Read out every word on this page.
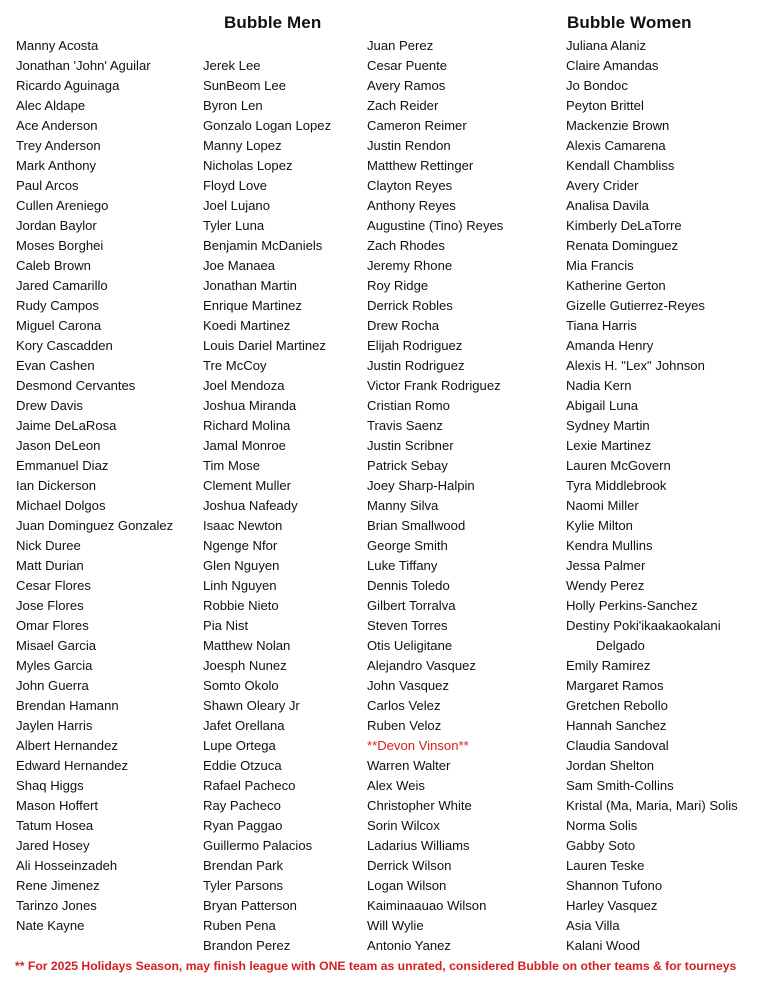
Bubble Men	Bubble Women
Manny Acosta
Jonathan 'John' Aguilar
Ricardo Aguinaga
Alec Aldape
Ace Anderson
Trey Anderson
Mark Anthony
Paul Arcos
Cullen Areniego
Jordan Baylor
Moses Borghei
Caleb Brown
Jared Camarillo
Rudy Campos
Miguel Carona
Kory Cascadden
Evan Cashen
Desmond Cervantes
Drew Davis
Jaime DeLaRosa
Jason DeLeon
Emmanuel Diaz
Ian Dickerson
Michael Dolgos
Juan Dominguez Gonzalez
Nick Duree
Matt Durian
Cesar Flores
Jose Flores
Omar Flores
Misael Garcia
Myles Garcia
John Guerra
Brendan Hamann
Jaylen Harris
Albert Hernandez
Edward Hernandez
Shaq Higgs
Mason Hoffert
Tatum Hosea
Jared Hosey
Ali Hosseinzadeh
Rene Jimenez
Tarinzo Jones
Nate Kayne
Jerek Lee
SunBeom Lee
Byron Len
Gonzalo Logan Lopez
Manny Lopez
Nicholas Lopez
Floyd Love
Joel Lujano
Tyler Luna
Benjamin McDaniels
Joe Manaea
Jonathan Martin
Enrique Martinez
Koedi Martinez
Louis Dariel Martinez
Tre McCoy
Joel Mendoza
Joshua Miranda
Richard Molina
Jamal Monroe
Tim Mose
Clement Muller
Joshua Nafeady
Isaac Newton
Ngenge Nfor
Glen Nguyen
Linh Nguyen
Robbie Nieto
Pia Nist
Matthew Nolan
Joesph Nunez
Somto Okolo
Shawn Oleary Jr
Jafet Orellana
Lupe Ortega
Eddie Otzuca
Rafael Pacheco
Ray Pacheco
Ryan Paggao
Guillermo Palacios
Brendan Park
Tyler Parsons
Bryan Patterson
Ruben Pena
Brandon Perez
Juan Perez
Cesar Puente
Avery Ramos
Zach Reider
Cameron Reimer
Justin Rendon
Matthew Rettinger
Clayton Reyes
Anthony Reyes
Augustine (Tino) Reyes
Zach Rhodes
Jeremy Rhone
Roy Ridge
Derrick Robles
Drew Rocha
Elijah Rodriguez
Justin Rodriguez
Victor Frank Rodriguez
Cristian Romo
Travis Saenz
Justin Scribner
Patrick Sebay
Joey Sharp-Halpin
Manny Silva
Brian Smallwood
George Smith
Luke Tiffany
Dennis Toledo
Gilbert Torralva
Steven Torres
Otis Ueligitane
Alejandro Vasquez
John Vasquez
Carlos Velez
Ruben Veloz
**Devon Vinson**
Warren Walter
Alex Weis
Christopher White
Sorin Wilcox
Ladarius Williams
Derrick Wilson
Logan Wilson
Kaiminaauao Wilson
Will Wylie
Antonio Yanez
Juliana Alaniz
Claire Amandas
Jo Bondoc
Peyton Brittel
Mackenzie Brown
Alexis Camarena
Kendall Chambliss
Avery Crider
Analisa Davila
Kimberly DeLaTorre
Renata Dominguez
Mia Francis
Katherine Gerton
Gizelle Gutierrez-Reyes
Tiana Harris
Amanda Henry
Alexis H. "Lex" Johnson
Nadia Kern
Abigail Luna
Sydney Martin
Lexie Martinez
Lauren McGovern
Tyra Middlebrook
Naomi Miller
Kylie Milton
Kendra Mullins
Jessa Palmer
Wendy Perez
Holly Perkins-Sanchez
Destiny Poki'ikaakaokalani
Delgado
Emily Ramirez
Margaret Ramos
Gretchen Rebollo
Hannah Sanchez
Claudia Sandoval
Jordan Shelton
Sam Smith-Collins
Kristal (Ma, Maria, Mari) Solis
Norma Solis
Gabby Soto
Lauren Teske
Shannon Tufono
Harley Vasquez
Asia Villa
Kalani Wood
** For 2025 Holidays Season, may finish league with ONE team as unrated, considered Bubble on other teams & for tourneys
